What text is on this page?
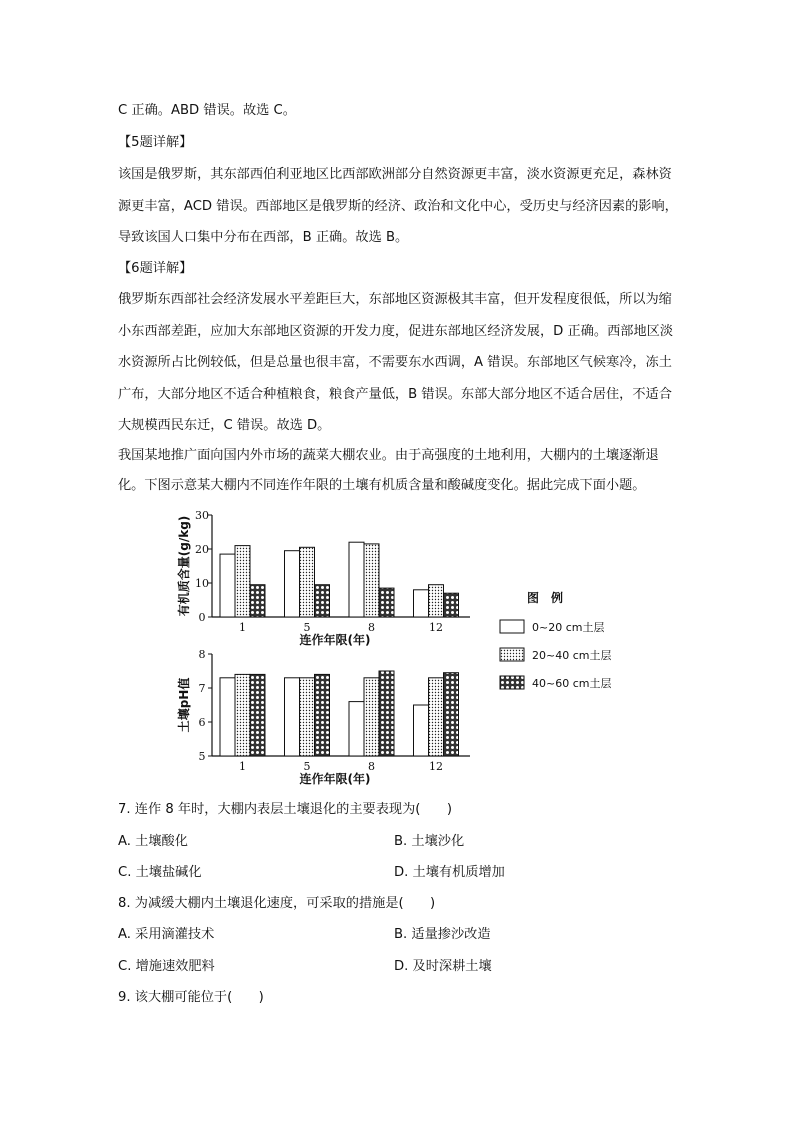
C 正确。ABD 错误。故选 C。

【5题详解】

该国是俄罗斯，其东部西伯利亚地区比西部欧洲部分自然资源更丰富，淡水资源更充足，森林资源更丰富，ACD 错误。西部地区是俄罗斯的经济、政治和文化中心，受历史与经济因素的影响，导致该国人口集中分布在西部，B 正确。故选 B。

【6题详解】

俄罗斯东西部社会经济发展水平差距巨大，东部地区资源极其丰富，但开发程度很低，所以为缩小东西部差距，应加大东部地区资源的开发力度，促进东部地区经济发展，D 正确。西部地区淡水资源所占比例较低，但是总量也很丰富，不需要东水西调，A 错误。东部地区气候寒冷，冻土广布，大部分地区不适合种植粮食，粮食产量低，B 错误。东部大部分地区不适合居住，不适合大规模西民东迁，C 错误。故选 D。

我国某地推广面向国内外市场的蔬菜大棚农业。由于高强度的土地利用，大棚内的土壤逐渐退化。下图示意某大棚内不同连作年限的土壤有机质含量和酸碱度变化。据此完成下面小题。

0
10
20
30
有机质含量(g/kg)
1	5	8	12
连作年限(年)
5
6
7
8
土壤pH值
1	5	8	12
连作年限(年)
图　例
0~20 cm土层
20~40 cm土层
40~60 cm土层

7. 连作 8 年时，大棚内表层土壤退化的主要表现为(　　)

A. 土壤酸化	B. 土壤沙化

C. 土壤盐碱化	D. 土壤有机质增加

8. 为减缓大棚内土壤退化速度，可采取的措施是(　　)

A. 采用滴灌技术	B. 适量掺沙改造

C. 增施速效肥料	D. 及时深耕土壤

9. 该大棚可能位于(　　)
